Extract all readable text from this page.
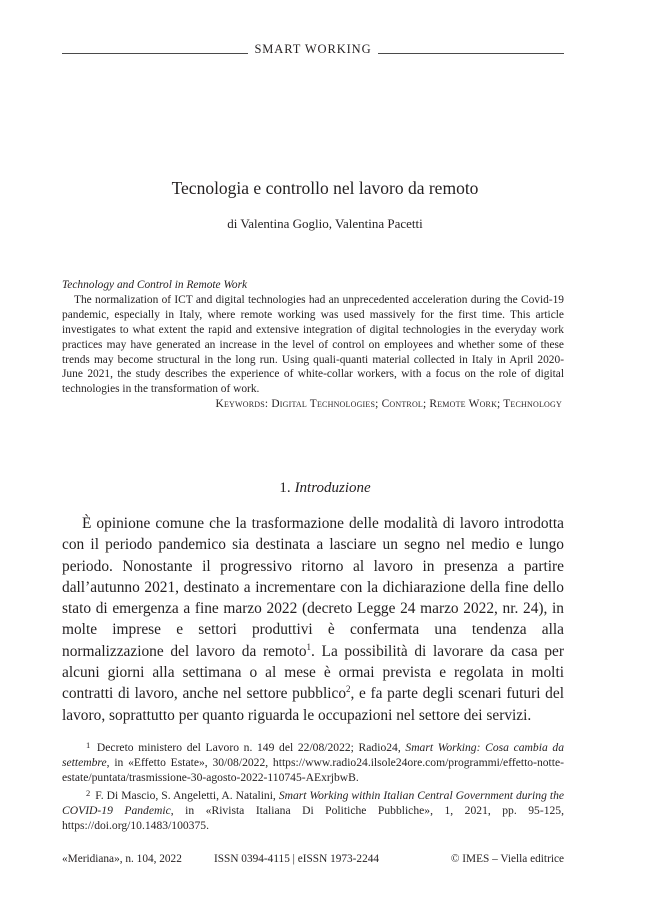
SMART WORKING
Tecnologia e controllo nel lavoro da remoto
di Valentina Goglio, Valentina Pacetti

Technology and Control in Remote Work

The normalization of ICT and digital technologies had an unprecedented acceleration during the Covid-19 pandemic, especially in Italy, where remote working was used massively for the first time. This article investigates to what extent the rapid and extensive integration of digital technologies in the everyday work practices may have generated an increase in the level of control on employees and whether some of these trends may become structural in the long run. Using quali-quanti material collected in Italy in April 2020-June 2021, the study describes the experience of white-collar workers, with a focus on the role of digital technologies in the transformation of work.

Keywords: Digital Technologies; Control; Remote Work; Technology
1. Introduzione

È opinione comune che la trasformazione delle modalità di lavoro introdotta con il periodo pandemico sia destinata a lasciare un segno nel medio e lungo periodo. Nonostante il progressivo ritorno al lavoro in presenza a partire dall’autunno 2021, destinato a incrementare con la dichiarazione della fine dello stato di emergenza a fine marzo 2022 (decreto Legge 24 marzo 2022, nr. 24), in molte imprese e settori produttivi è confermata una tendenza alla normalizzazione del lavoro da remoto$^1$. La possibilità di lavorare da casa per alcuni giorni alla settimana o al mese è ormai prevista e regolata in molti contratti di lavoro, anche nel settore pubblico$^2$, e fa parte degli scenari futuri del lavoro, soprattutto per quanto riguarda le occupazioni nel settore dei servizi.

$^1$ Decreto ministero del Lavoro n. 149 del 22/08/2022; Radio24, Smart Working: Cosa cambia da settembre, in «Effetto Estate», 30/08/2022, https://www.radio24.ilsole24ore.com/programmi/effetto-notte-estate/puntata/trasmissione-30-agosto-2022-110745-AExrjbwB.

$^2$ F. Di Mascio, S. Angeletti, A. Natalini, Smart Working within Italian Central Government during the COVID-19 Pandemic, in «Rivista Italiana Di Politiche Pubbliche», 1, 2021, pp. 95-125, https://doi.org/10.1483/100375.

«Meridiana», n. 104, 2022	ISSN 0394-4115 | eISSN 1973-2244	© IMES – Viella editrice
